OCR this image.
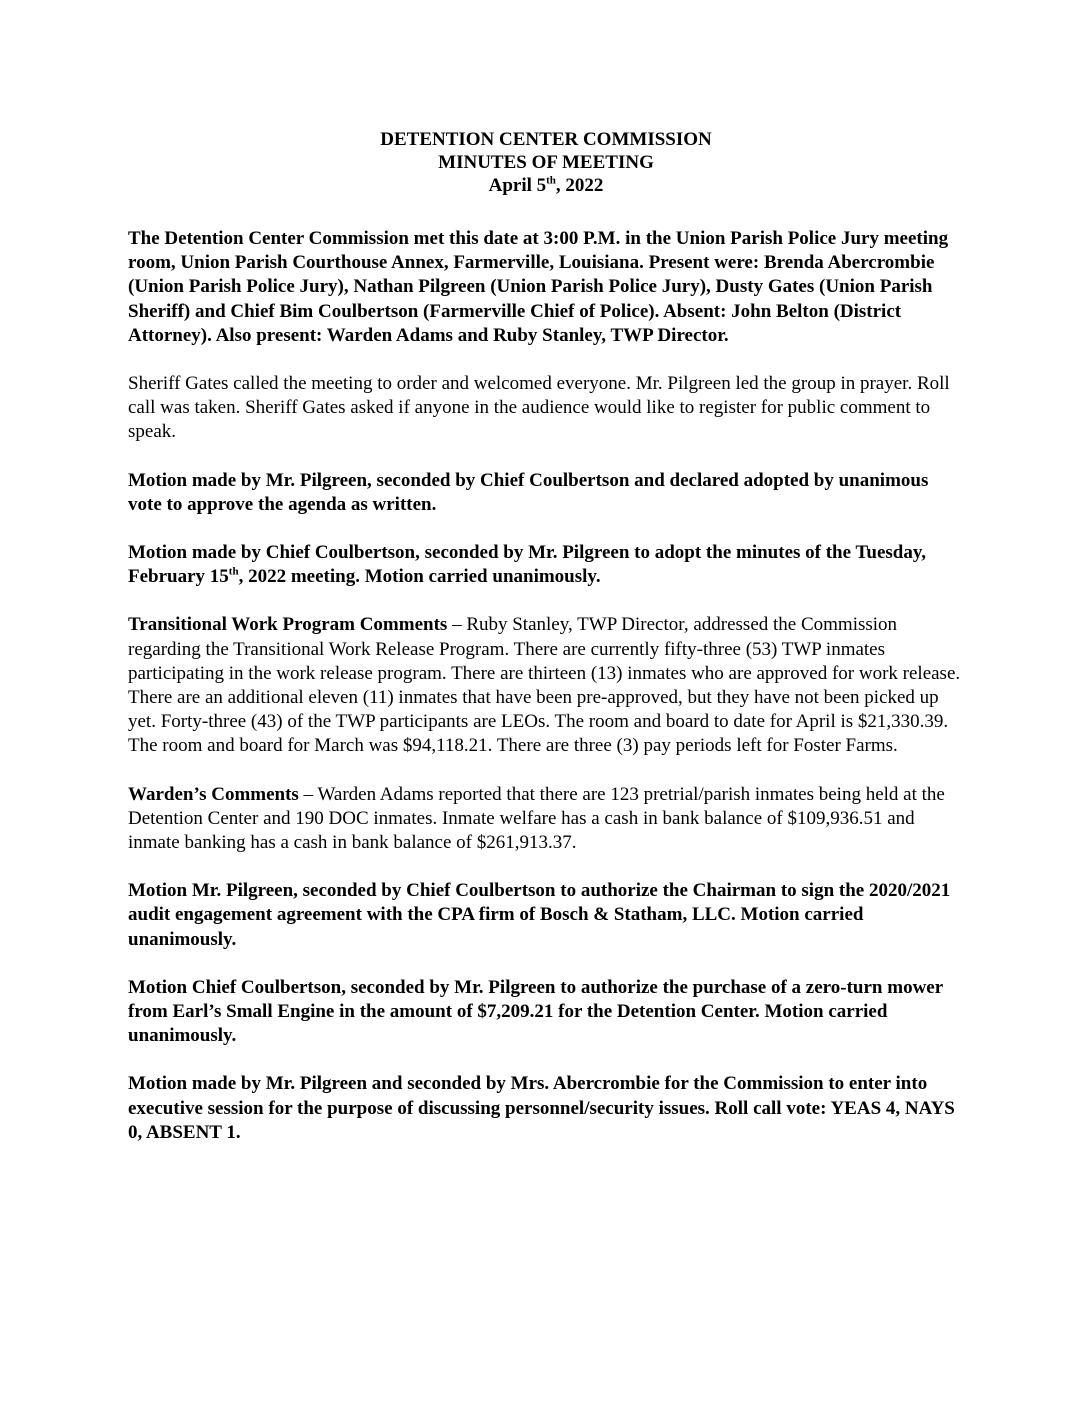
DETENTION CENTER COMMISSION
MINUTES OF MEETING
April 5th, 2022

The Detention Center Commission met this date at 3:00 P.M. in the Union Parish Police Jury meeting room, Union Parish Courthouse Annex, Farmerville, Louisiana. Present were: Brenda Abercrombie (Union Parish Police Jury), Nathan Pilgreen (Union Parish Police Jury), Dusty Gates (Union Parish Sheriff) and Chief Bim Coulbertson (Farmerville Chief of Police). Absent: John Belton (District Attorney). Also present: Warden Adams and Ruby Stanley, TWP Director.

Sheriff Gates called the meeting to order and welcomed everyone. Mr. Pilgreen led the group in prayer. Roll call was taken. Sheriff Gates asked if anyone in the audience would like to register for public comment to speak.

Motion made by Mr. Pilgreen, seconded by Chief Coulbertson and declared adopted by unanimous vote to approve the agenda as written.

Motion made by Chief Coulbertson, seconded by Mr. Pilgreen to adopt the minutes of the Tuesday, February 15th, 2022 meeting. Motion carried unanimously.

Transitional Work Program Comments – Ruby Stanley, TWP Director, addressed the Commission regarding the Transitional Work Release Program. There are currently fifty-three (53) TWP inmates participating in the work release program. There are thirteen (13) inmates who are approved for work release. There are an additional eleven (11) inmates that have been pre-approved, but they have not been picked up yet. Forty-three (43) of the TWP participants are LEOs. The room and board to date for April is $21,330.39. The room and board for March was $94,118.21. There are three (3) pay periods left for Foster Farms.

Warden’s Comments – Warden Adams reported that there are 123 pretrial/parish inmates being held at the Detention Center and 190 DOC inmates. Inmate welfare has a cash in bank balance of $109,936.51 and inmate banking has a cash in bank balance of $261,913.37.

Motion Mr. Pilgreen, seconded by Chief Coulbertson to authorize the Chairman to sign the 2020/2021 audit engagement agreement with the CPA firm of Bosch & Statham, LLC. Motion carried unanimously.

Motion Chief Coulbertson, seconded by Mr. Pilgreen to authorize the purchase of a zero-turn mower from Earl’s Small Engine in the amount of $7,209.21 for the Detention Center. Motion carried unanimously.

Motion made by Mr. Pilgreen and seconded by Mrs. Abercrombie for the Commission to enter into executive session for the purpose of discussing personnel/security issues. Roll call vote: YEAS 4, NAYS 0, ABSENT 1.
